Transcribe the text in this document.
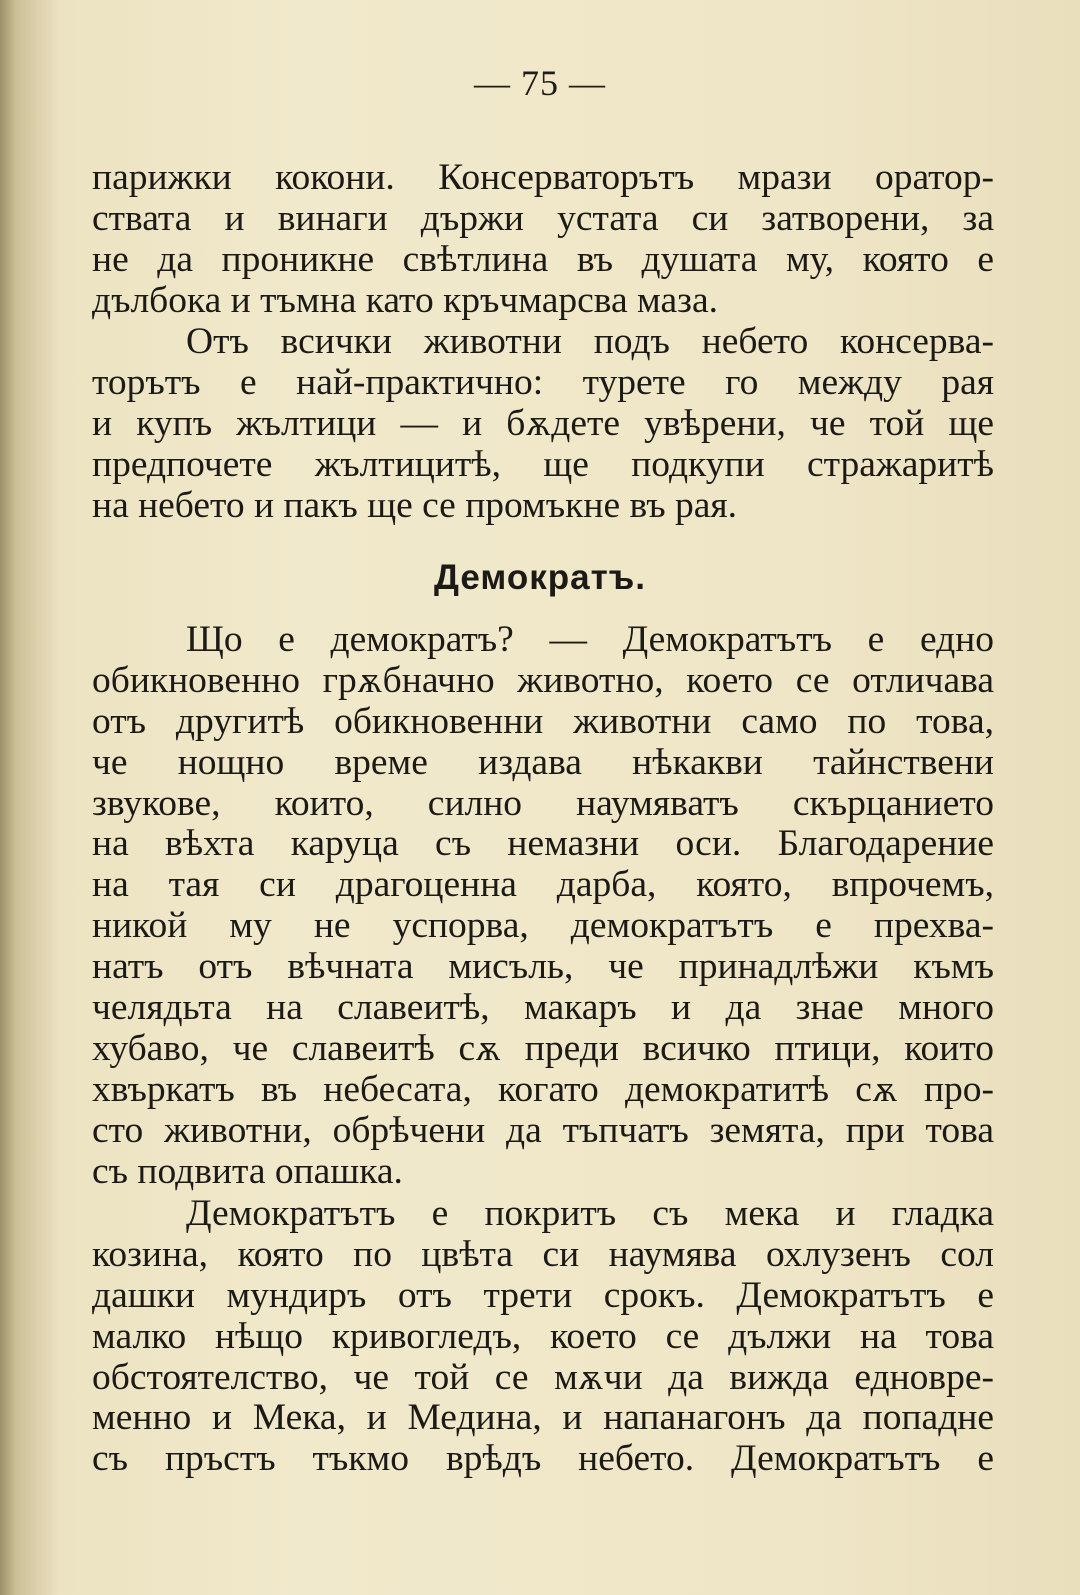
— 75 —
парижки кокони. Консерваторътъ мрази оратор-
ствата и винаги държи устата си затворени, за
не да проникне свѣтлина въ душата му, която е
дълбока и тъмна като кръчмарсва маза.
Отъ всички животни подъ небето консерва-
торътъ е най-практично: турете го между рая
и купъ жълтици — и бѫдете увѣрени, че той ще
предпочете жълтицитѣ, ще подкупи стражаритѣ
на небето и пакъ ще се промъкне въ рая.
Демократъ.
Що е демократъ? — Демократътъ е едно
обикновенно грѫбначно животно, което се отличава
отъ другитѣ обикновенни животни само по това,
че нощно време издава нѣкакви тайнствени
звукове, които, силно наумяватъ скърцанието
на вѣхта каруца съ немазни оси. Благодарение
на тая си драгоценна дарба, която, впрочемъ,
никой му не успорва, демократътъ е прехва-
натъ отъ вѣчната мисъль, че принадлѣжи къмъ
челядьта на славеитѣ, макаръ и да знае много
хубаво, че славеитѣ сѫ преди всичко птици, които
хвъркатъ въ небесата, когато демократитѣ сѫ про-
сто животни, обрѣчени да тъпчатъ земята, при това
съ подвита опашка.
Демократътъ е покритъ съ мека и гладка
козина, която по цвѣта си наумява охлузенъ сол
дашки мундиръ отъ трети срокъ. Демократътъ е
малко нѣщо кривогледъ, което се дължи на това
обстоятелство, че той се мѫчи да вижда едновре-
менно и Мека, и Медина, и напанагонъ да попадне
съ пръстъ тъкмо врѣдъ небето. Демократътъ е
